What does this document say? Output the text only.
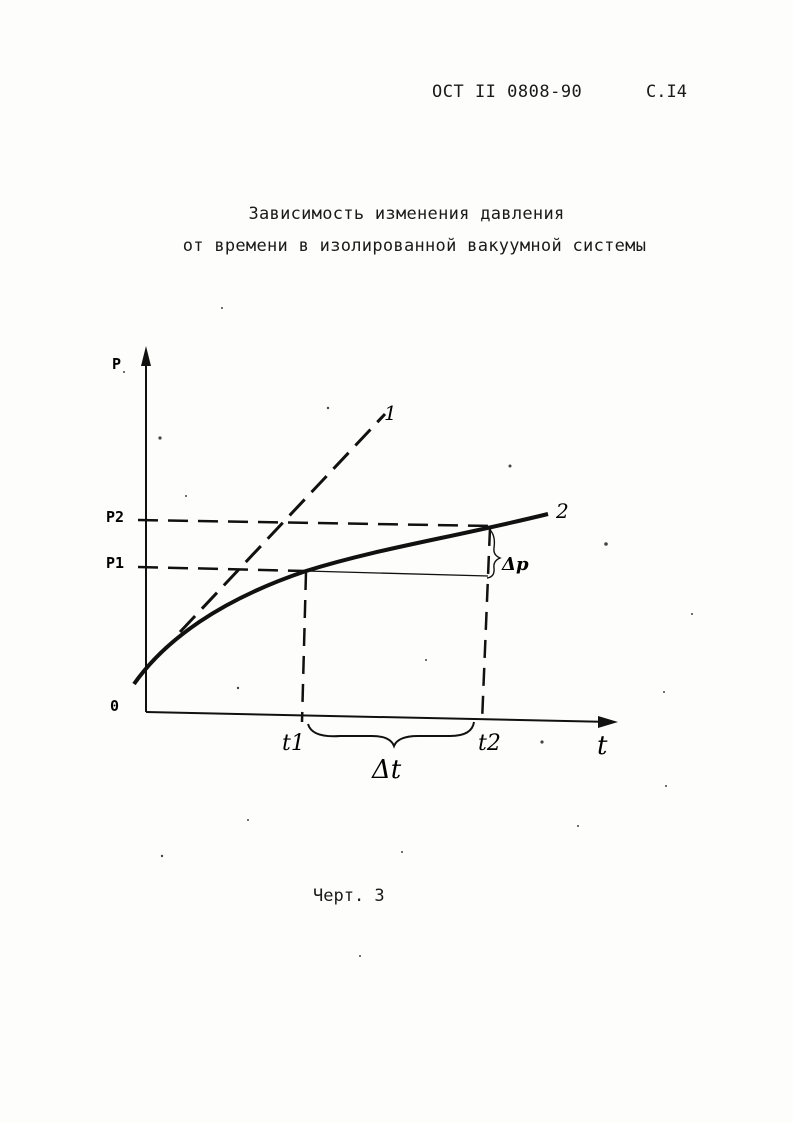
ОСТ II 0808-90	С.I4
Зависимость изменения давления
от времени в изолированной вакуумной системы
P
0
P2
P1
1
2
Δp
t1	t2	t
Δt
Черт. 3
